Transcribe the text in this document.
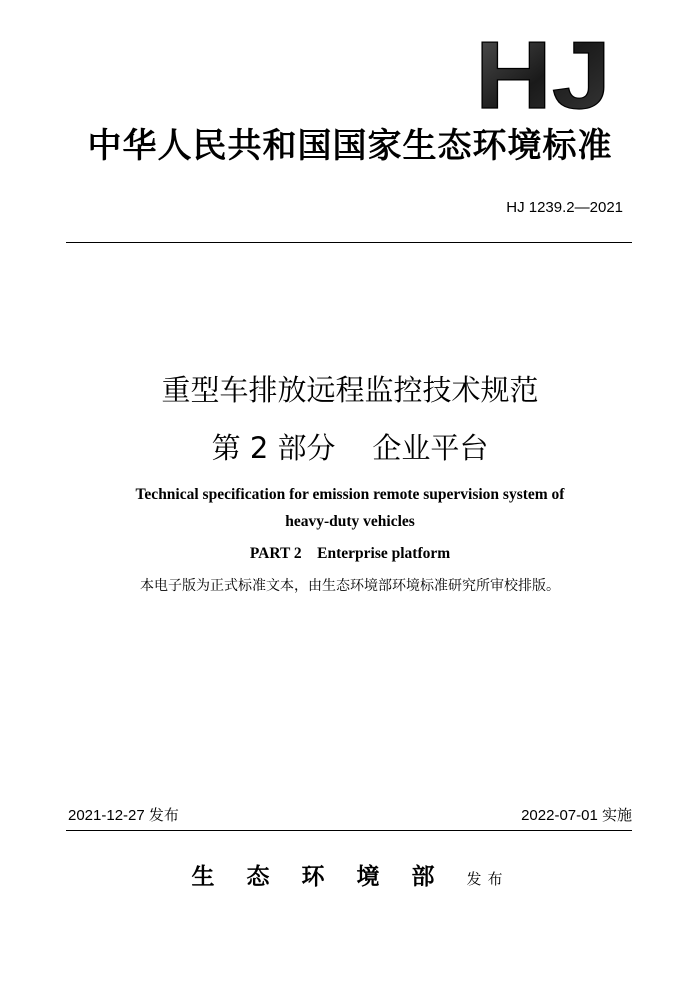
HJ
中华人民共和国国家生态环境标准
HJ 1239.2—2021
重型车排放远程监控技术规范
第 2 部分    企业平台
Technical specification for emission remote supervision system of
heavy-duty vehicles
PART 2    Enterprise platform
本电子版为正式标准文本，由生态环境部环境标准研究所审校排版。
2021-12-27 发布	2022-07-01 实施
生态环境部发布
